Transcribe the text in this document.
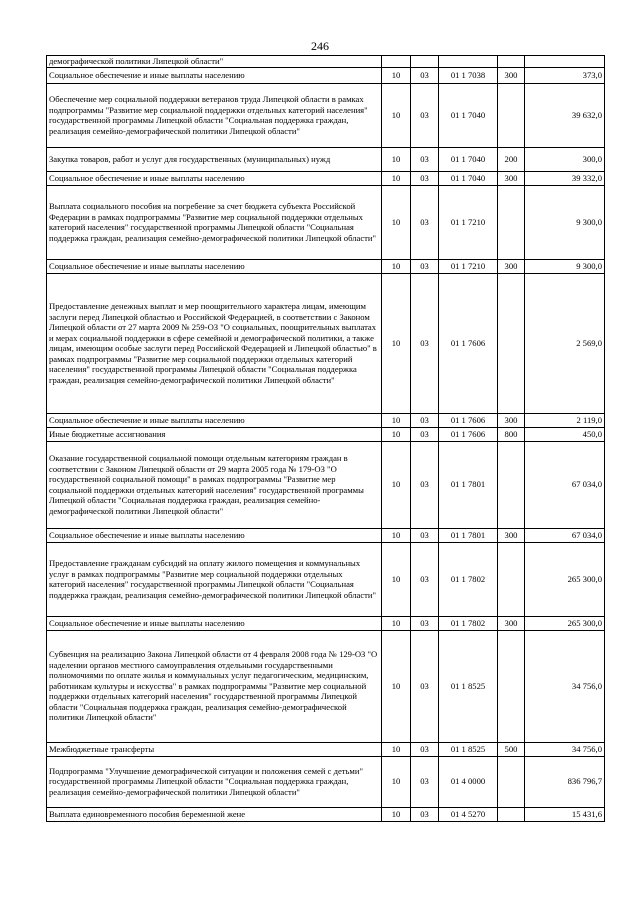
246
демографической политики Липецкой области"					
Социальное обеспечение и иные выплаты населению	10	03	01 1 7038	300	373,0
Обеспечение мер социальной поддержки ветеранов труда Липецкой области в рамках подпрограммы "Развитие мер социальной поддержки отдельных категорий населения" государственной программы Липецкой области "Социальная поддержка граждан, реализация семейно-демографической политики Липецкой области"	10	03	01 1 7040		39 632,0
Закупка товаров, работ и услуг для государственных (муниципальных) нужд	10	03	01 1 7040	200	300,0
Социальное обеспечение и иные выплаты населению	10	03	01 1 7040	300	39 332,0
Выплата социального пособия на погребение за счет бюджета субъекта Российской Федерации в рамках подпрограммы "Развитие мер социальной поддержки отдельных категорий населения" государственной программы Липецкой области "Социальная поддержка граждан, реализация семейно-демографической политики Липецкой области"	10	03	01 1 7210		9 300,0
Социальное обеспечение и иные выплаты населению	10	03	01 1 7210	300	9 300,0
Предоставление денежных выплат и мер поощрительного характера лицам, имеющим заслуги перед Липецкой областью и Российской Федерацией, в соответствии с Законом Липецкой области от 27 марта 2009 № 259-ОЗ "О социальных, поощрительных выплатах и мерах социальной поддержки в сфере семейной и демографической политики, а также лицам, имеющим особые заслуги перед Российской Федерацией и Липецкой областью" в рамках подпрограммы "Развитие мер социальной поддержки отдельных категорий населения" государственной программы Липецкой области "Социальная поддержка граждан, реализация семейно-демографической политики Липецкой области"	10	03	01 1 7606		2 569,0
Социальное обеспечение и иные выплаты населению	10	03	01 1 7606	300	2 119,0
Иные бюджетные ассигнования	10	03	01 1 7606	800	450,0
Оказание государственной социальной помощи отдельным категориям граждан в соответствии с Законом Липецкой области от 29 марта 2005 года № 179-ОЗ "О государственной социальной помощи" в рамках подпрограммы "Развитие мер социальной поддержки отдельных категорий населения" государственной программы Липецкой области "Социальная поддержка граждан, реализация семейно-демографической политики Липецкой области"	10	03	01 1 7801		67 034,0
Социальное обеспечение и иные выплаты населению	10	03	01 1 7801	300	67 034,0
Предоставление гражданам субсидий на оплату жилого помещения и коммунальных услуг в рамках подпрограммы "Развитие мер социальной поддержки отдельных категорий населения" государственной программы Липецкой области "Социальная поддержка граждан, реализация семейно-демографической политики Липецкой области"	10	03	01 1 7802		265 300,0
Социальное обеспечение и иные выплаты населению	10	03	01 1 7802	300	265 300,0
Субвенция на реализацию Закона Липецкой области от 4 февраля 2008 года № 129-ОЗ "О наделении органов местного самоуправления отдельными государственными полномочиями по оплате жилья и коммунальных услуг педагогическим, медицинским, работникам культуры и искусства" в рамках подпрограммы "Развитие мер социальной поддержки отдельных категорий населения" государственной программы Липецкой области "Социальная поддержка граждан, реализация семейно-демографической политики Липецкой области"	10	03	01 1 8525		34 756,0
Межбюджетные трансферты	10	03	01 1 8525	500	34 756,0
Подпрограмма "Улучшение демографической ситуации и положения семей с детьми" государственной программы Липецкой области "Социальная поддержка граждан, реализация семейно-демографической политики Липецкой области"	10	03	01 4 0000		836 796,7
Выплата единовременного пособия беременной жене	10	03	01 4 5270		15 431,6
